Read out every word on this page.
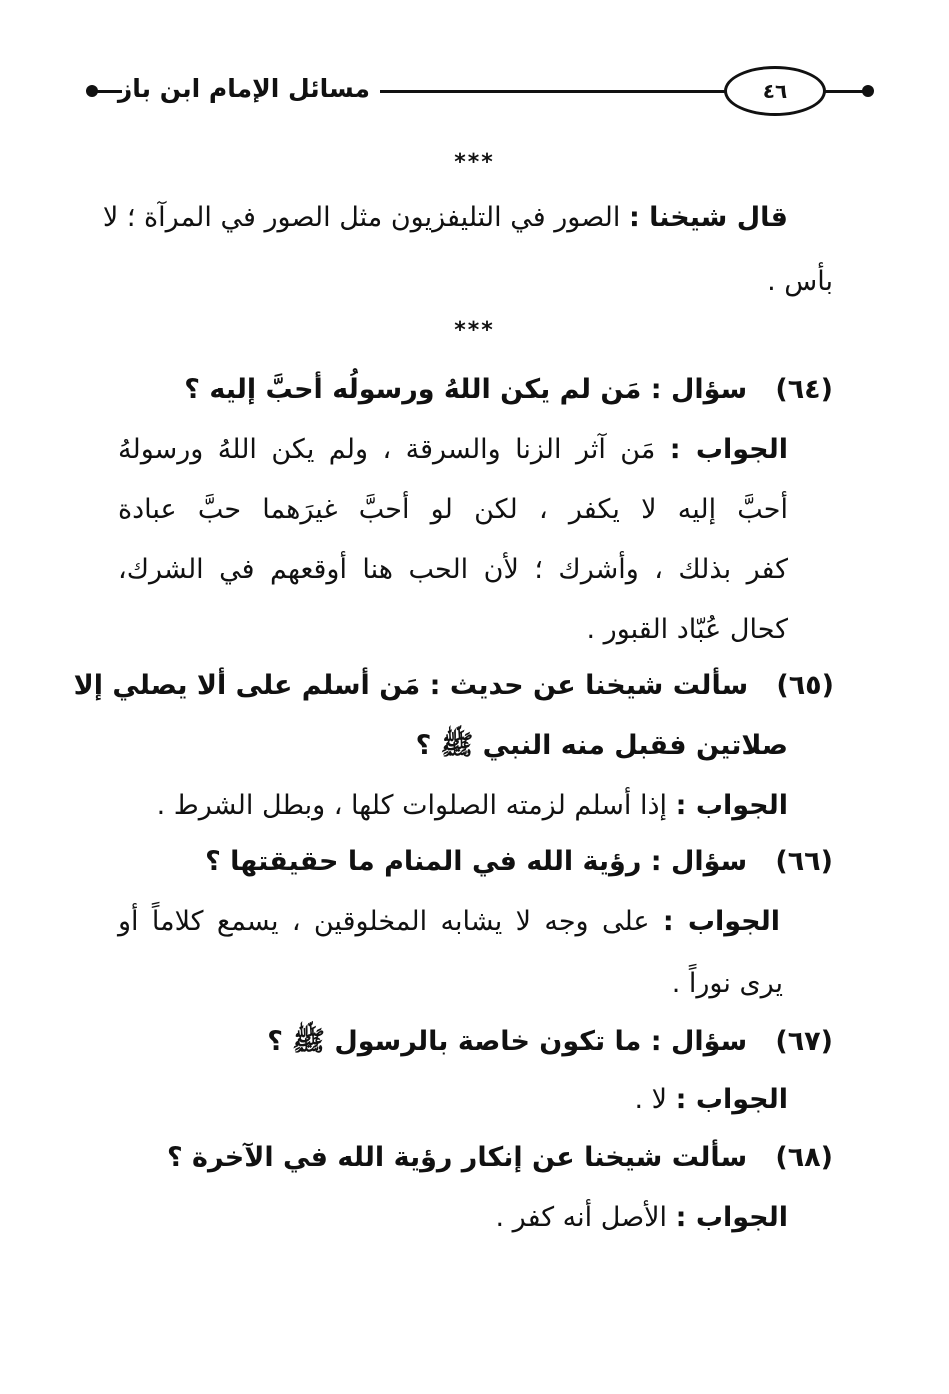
مسائل الإمام ابن باز	٤٦
***
قال شيخنا : الصور في التليفزيون مثل الصور في المرآة ؛ لا
بأس .
***
(٦٤)   سؤال : مَن لم يكن اللهُ ورسولُه أحبَّ إليه ؟
الجواب : مَن آثر الزنا والسرقة ، ولم يكن اللهُ ورسولهُ
أحبَّ إليه لا يكفر ، لكن لو أحبَّ غيرَهما حبَّ عبادة
كفر بذلك ، وأشرك ؛ لأن الحب هنا أوقعهم في الشرك،
كحال عُبّاد القبور .
(٦٥)   سألت شيخنا عن حديث : مَن أسلم على ألا يصلي إلا
صلاتين فقبل منه النبي ﷺ ؟
الجواب : إذا أسلم لزمته الصلوات كلها ، وبطل الشرط .
(٦٦)   سؤال : رؤية الله في المنام ما حقيقتها ؟
الجواب : على وجه لا يشابه المخلوقين ، يسمع كلاماً أو
يرى نوراً .
(٦٧)   سؤال : ما تكون خاصة بالرسول ﷺ ؟
الجواب : لا .
(٦٨)   سألت شيخنا عن إنكار رؤية الله في الآخرة ؟
الجواب : الأصل أنه كفر .
